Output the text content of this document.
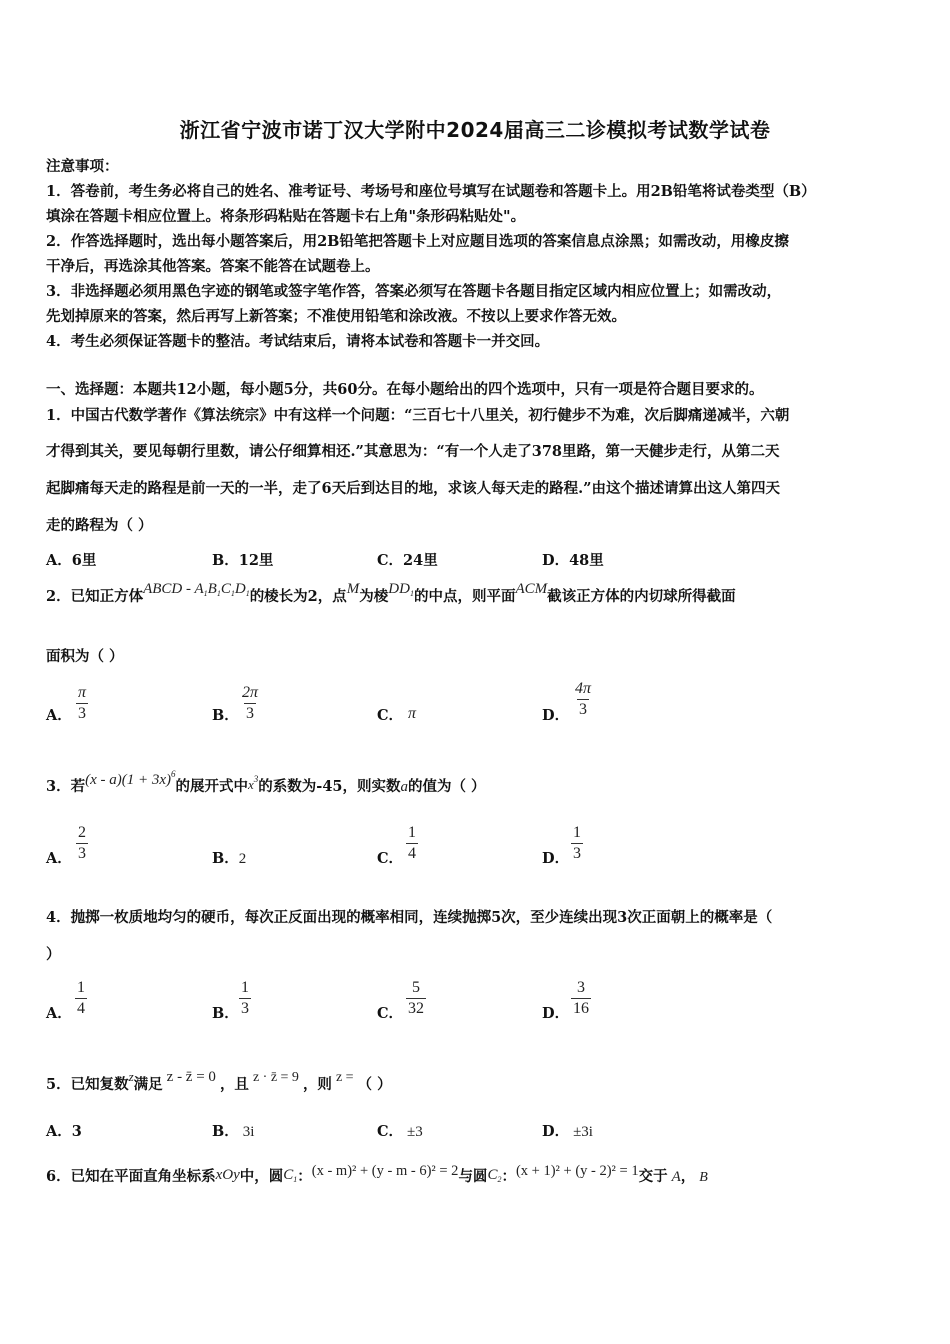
浙江省宁波市诺丁汉大学附中2024届高三二诊模拟考试数学试卷
注意事项：
1．答卷前，考生务必将自己的姓名、准考证号、考场号和座位号填写在试题卷和答题卡上。用2B铅笔将试卷类型（B）
填涂在答题卡相应位置上。将条形码粘贴在答题卡右上角"条形码粘贴处"。
2．作答选择题时，选出每小题答案后，用2B铅笔把答题卡上对应题目选项的答案信息点涂黑；如需改动，用橡皮擦
干净后，再选涂其他答案。答案不能答在试题卷上。
3．非选择题必须用黑色字迹的钢笔或签字笔作答，答案必须写在答题卡各题目指定区域内相应位置上；如需改动，
先划掉原来的答案，然后再写上新答案；不准使用铅笔和涂改液。不按以上要求作答无效。
4．考生必须保证答题卡的整洁。考试结束后，请将本试卷和答题卡一并交回。
一、选择题：本题共12小题，每小题5分，共60分。在每小题给出的四个选项中，只有一项是符合题目要求的。
1．中国古代数学著作《算法统宗》中有这样一个问题：“三百七十八里关，初行健步不为难，次后脚痛递减半，六朝
才得到其关，要见每朝行里数，请公仔细算相还.”其意思为：“有一个人走了378里路，第一天健步走行，从第二天
起脚痛每天走的路程是前一天的一半，走了6天后到达目的地，求该人每天走的路程.”由这个描述请算出这人第四天
走的路程为（ ）
A．6里	B．12里	C．24里	D．48里
2．已知正方体ABCD - $A_1B_1C_1D_1$的棱长为2，点M为棱$DD_1$的中点，则平面ACM截该正方体的内切球所得截面
面积为（ ）
A． $\frac{\pi}{3}$	B． $\frac{2\pi}{3}$	C． π	D． $\frac{4\pi}{3}$
3．若$(x - a)(1 + 3x)^6$的展开式中$x^3$的系数为-45，则实数a的值为（ ）
A． $\frac{2}{3}$	B．2	C． $\frac{1}{4}$	D． $\frac{1}{3}$
4．抛掷一枚质地均匀的硬币，每次正反面出现的概率相同，连续抛掷5次，至少连续出现3次正面朝上的概率是（
）
A． $\frac{1}{4}$	B． $\frac{1}{3}$	C． $\frac{5}{32}$	D． $\frac{3}{16}$
5．已知复数z满足 z - z̄ = 0 ，且 z · z̄ = 9 ，则 z = （ ）
A．3	B． 3i	C． ±3	D． ±3i
6．已知在平面直角坐标系xOy中，圆$C_1$：(x - m)² + (y - m - 6)² = 2与圆$C_2$：(x + 1)² + (y - 2)² = 1交于 A， B
